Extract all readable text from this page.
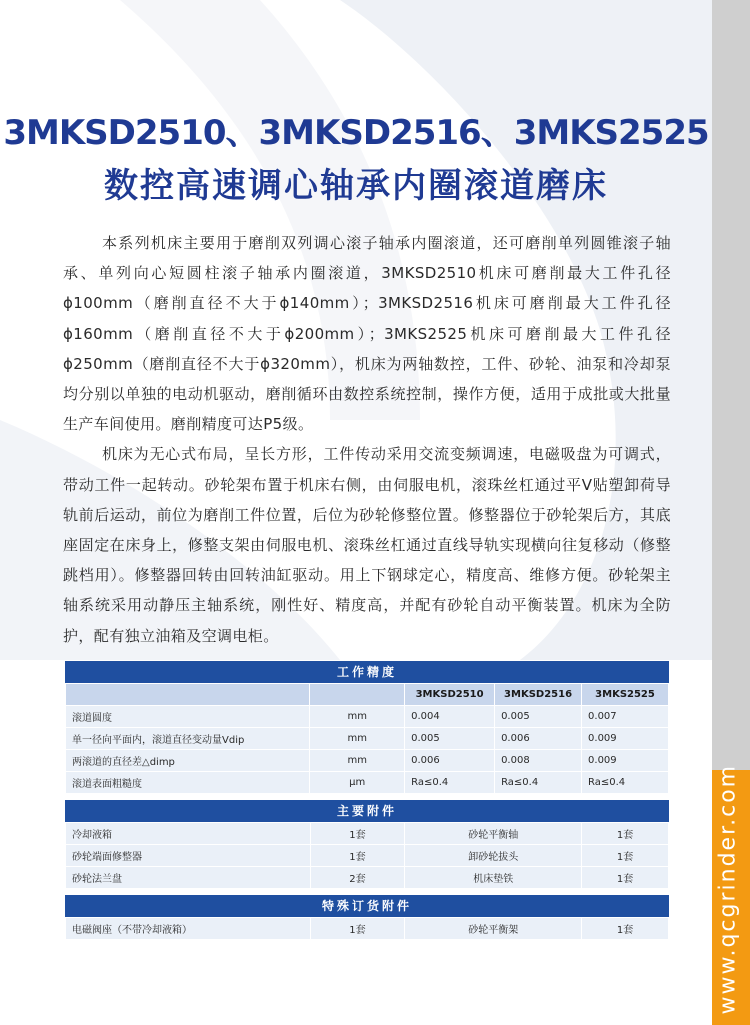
www.qcgrinder.com
3MKSD2510、3MKSD2516、3MKS2525
数控高速调心轴承内圈滚道磨床

本系列机床主要用于磨削双列调心滚子轴承内圈滚道，还可磨削单列圆锥滚子轴承、单列向心短圆柱滚子轴承内圈滚道，3MKSD2510机床可磨削最大工件孔径ϕ100mm（磨削直径不大于ϕ140mm）；3MKSD2516机床可磨削最大工件孔径ϕ160mm（磨削直径不大于ϕ200mm）；3MKS2525机床可磨削最大工件孔径ϕ250mm（磨削直径不大于ϕ320mm），机床为两轴数控，工件、砂轮、油泵和冷却泵均分别以单独的电动机驱动，磨削循环由数控系统控制，操作方便，适用于成批或大批量生产车间使用。磨削精度可达P5级。

机床为无心式布局，呈长方形，工件传动采用交流变频调速，电磁吸盘为可调式，带动工件一起转动。砂轮架布置于机床右侧，由伺服电机，滚珠丝杠通过平V贴塑卸荷导轨前后运动，前位为磨削工件位置，后位为砂轮修整位置。修整器位于砂轮架后方，其底座固定在床身上，修整支架由伺服电机、滚珠丝杠通过直线导轨实现横向往复移动（修整跳档用）。修整器回转由回转油缸驱动。用上下钢球定心，精度高、维修方便。砂轮架主轴系统采用动静压主轴系统，刚性好、精度高，并配有砂轮自动平衡装置。机床为全防护，配有独立油箱及空调电柜。

工作精度
		3MKSD2510	3MKSD2516	3MKS2525
滚道圆度	mm	0.004	0.005	0.007
单一径向平面内，滚道直径变动量Vdip	mm	0.005	0.006	0.009
两滚道的直径差△dimp	mm	0.006	0.008	0.009
滚道表面粗糙度	μm	Ra≤0.4	Ra≤0.4	Ra≤0.4
主要附件
冷却液箱	1套	砂轮平衡轴	1套
砂轮端面修整器	1套	卸砂轮拔头	1套
砂轮法兰盘	2套	机床垫铁	1套
特殊订货附件
电磁阀座（不带冷却液箱）	1套	砂轮平衡架	1套
